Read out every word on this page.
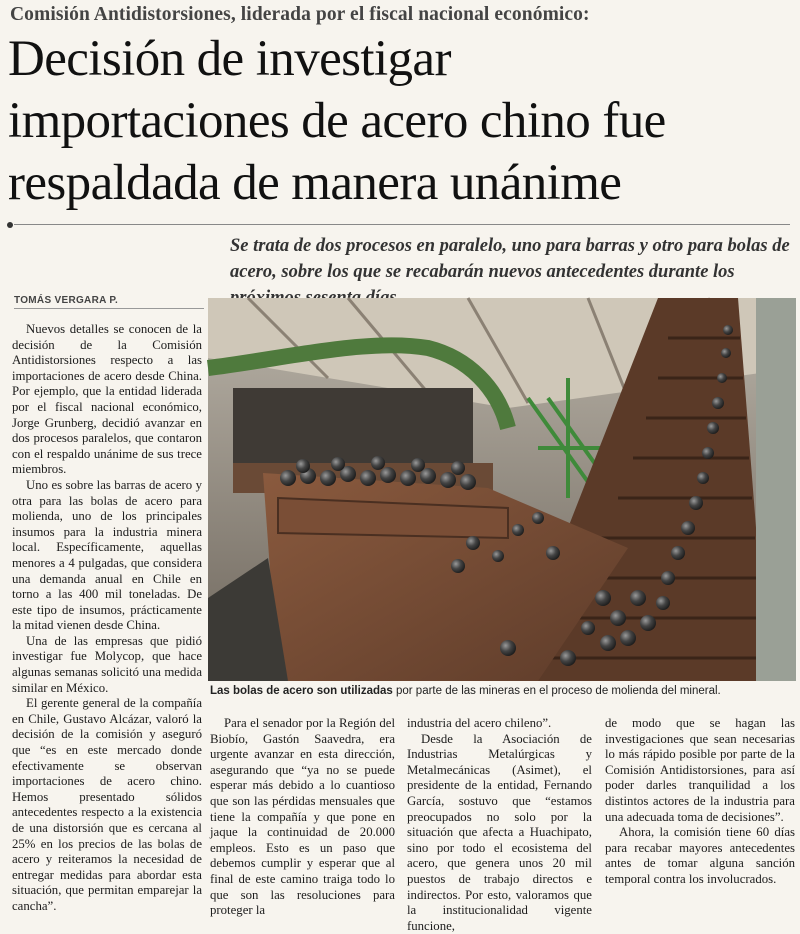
Comisión Antidistorsiones, liderada por el fiscal nacional económico:
Decisión de investigar
importaciones de acero chino fue
respaldada de manera unánime

Se trata de dos procesos en paralelo, uno para barras y otro para bolas de acero, sobre los que se recabarán nuevos antecedentes durante los

TOMÁS VERGARA P.

Nuevos detalles se conocen de la decisión de la Comisión Antidistorsiones respecto a las importaciones de acero desde China. Por ejemplo, que la entidad liderada por el fiscal nacional económico, Jorge Grunberg, decidió avanzar en dos procesos paralelos, que contaron con el respaldo unánime de sus trece miembros.

Uno es sobre las barras de acero y otra para las bolas de acero para molienda, uno de los principales insumos para la industria minera local. Específicamente, aquellas menores a 4 pulgadas, que considera una demanda anual en Chile en torno a las 400 mil toneladas. De este tipo de insumos, prácticamente la mitad vienen desde China.

Una de las empresas que pidió investigar fue Molycop, que hace algunas semanas solicitó una medida similar en México.

El gerente general de la compañía en Chile, Gustavo Alcázar, valoró la decisión de la comisión y aseguró que “es en este mercado donde efectivamente se observan importaciones de acero chino. Hemos presentado sólidos antecedentes respecto a la existencia de una distorsión que es cercana al 25% en los precios de las bolas de acero y reiteramos la necesidad de entregar medidas para abordar esta situación, que permitan emparejar la cancha”.

Las bolas de acero son utilizadas por parte de las mineras en el proceso de molienda del mineral.

Para el senador por la Región del Biobío, Gastón Saavedra, era urgente avanzar en esta dirección, asegurando que “ya no se puede esperar más debido a lo cuantioso que son las pérdidas mensuales que tiene la compañía y que pone en jaque la continuidad de 20.000 empleos. Esto es un paso que debemos cumplir y esperar que al final de este camino traiga todo lo que son las resoluciones para proteger la

industria del acero chileno”.

Desde la Asociación de Industrias Metalúrgicas y Metalmecánicas (Asimet), el presidente de la entidad, Fernando García, sostuvo que “estamos preocupados no solo por la situación que afecta a Huachipato, sino por todo el ecosistema del acero, que genera unos 20 mil puestos de trabajo directos e indirectos. Por esto, valoramos que la institucionalidad vigente funcione,

de modo que se hagan las investigaciones que sean necesarias lo más rápido posible por parte de la Comisión Antidistorsiones, para así poder darles tranquilidad a los distintos actores de la industria para una adecuada toma de decisiones”.

Ahora, la comisión tiene 60 días para recabar mayores antecedentes antes de tomar alguna sanción temporal contra los involucrados.
